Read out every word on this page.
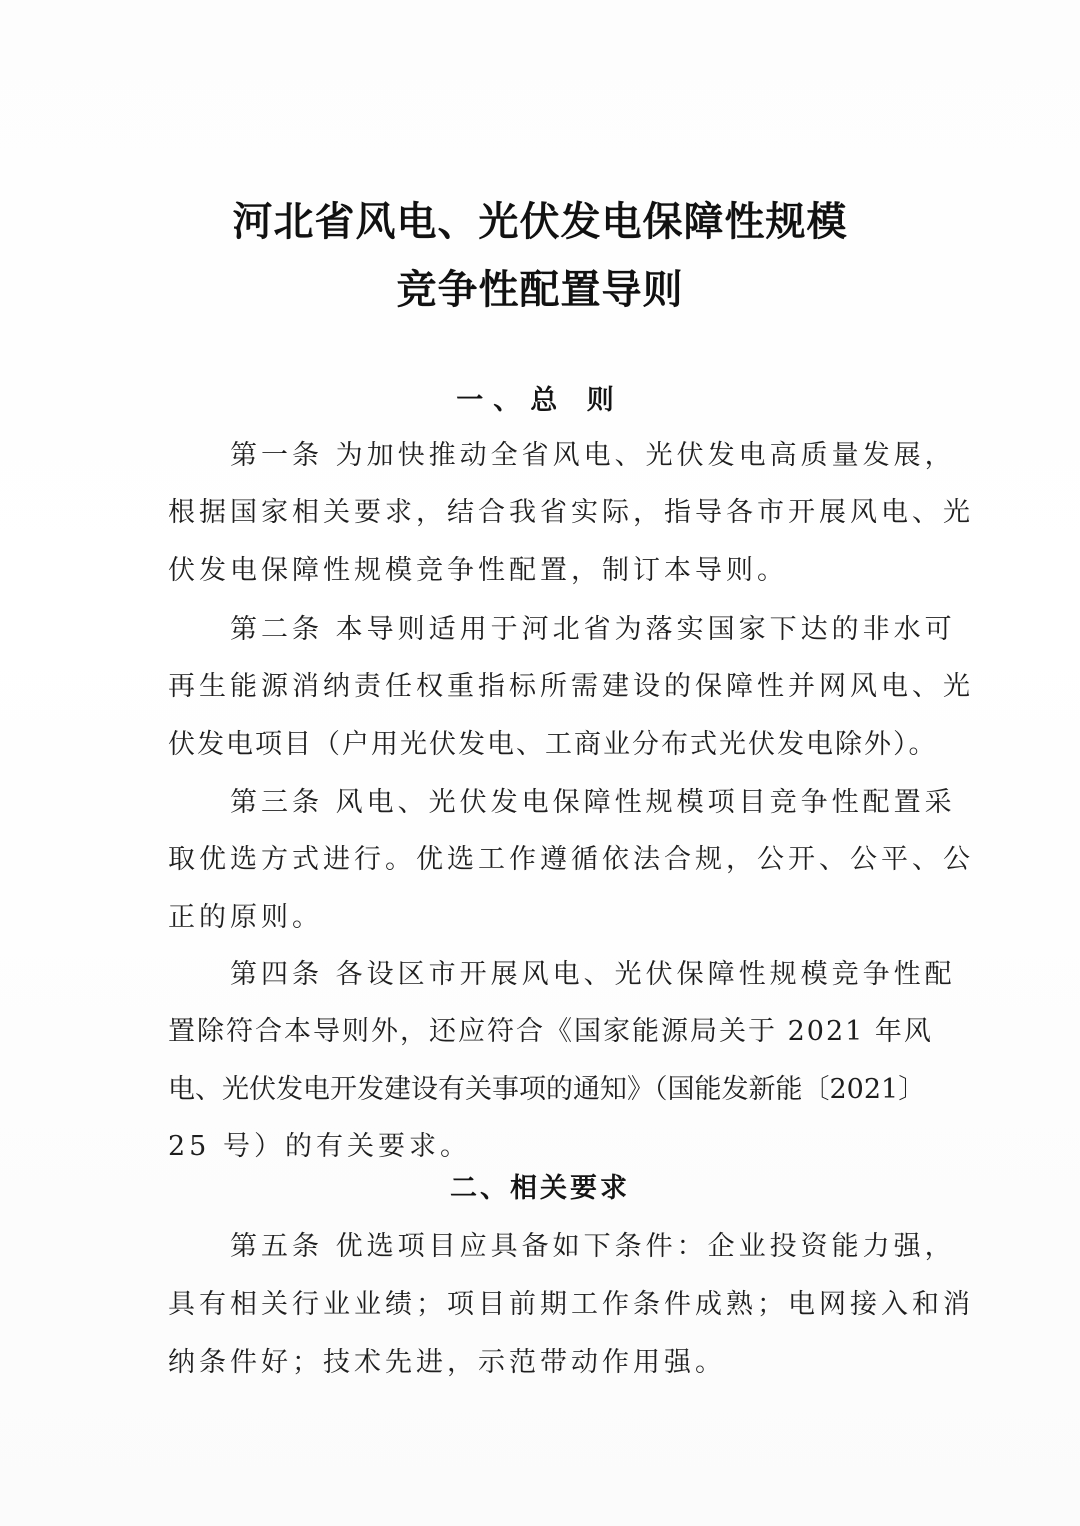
河北省风电、光伏发电保障性规模
竞争性配置导则
一、总 则
第一条 为加快推动全省风电、光伏发电高质量发展，
根据国家相关要求，结合我省实际，指导各市开展风电、光
伏发电保障性规模竞争性配置，制订本导则。
第二条 本导则适用于河北省为落实国家下达的非水可
再生能源消纳责任权重指标所需建设的保障性并网风电、光
伏发电项目（户用光伏发电、工商业分布式光伏发电除外）。
第三条 风电、光伏发电保障性规模项目竞争性配置采
取优选方式进行。优选工作遵循依法合规，公开、公平、公
正的原则。
第四条 各设区市开展风电、光伏保障性规模竞争性配
置除符合本导则外，还应符合《国家能源局关于 2021 年风
电、光伏发电开发建设有关事项的通知》（国能发新能〔2021〕
25 号）的有关要求。
二、相关要求
第五条 优选项目应具备如下条件：企业投资能力强，
具有相关行业业绩；项目前期工作条件成熟；电网接入和消
纳条件好；技术先进，示范带动作用强。
